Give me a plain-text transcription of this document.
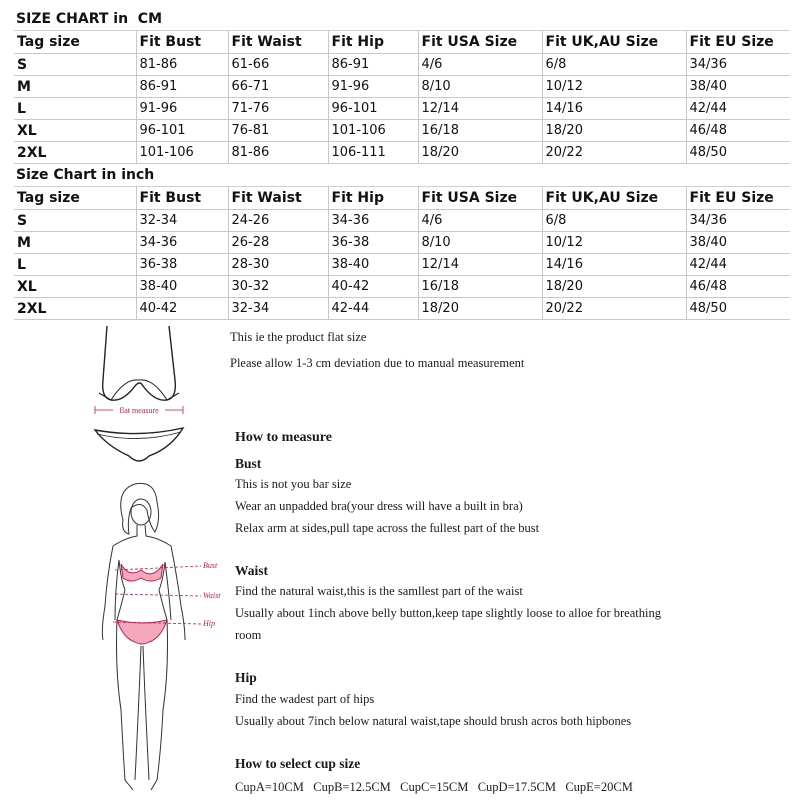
SIZE CHART in  CM
Tag size	Fit Bust	Fit Waist	Fit Hip	Fit USA Size	Fit UK,AU Size	Fit EU Size
S	81-86	61-66	86-91	4/6	6/8	34/36
M	86-91	66-71	91-96	8/10	10/12	38/40
L	91-96	71-76	96-101	12/14	14/16	42/44
XL	96-101	76-81	101-106	16/18	18/20	46/48
2XL	101-106	81-86	106-111	18/20	20/22	48/50
Size Chart in inch
Tag size	Fit Bust	Fit Waist	Fit Hip	Fit USA Size	Fit UK,AU Size	Fit EU Size
S	32-34	24-26	34-36	4/6	6/8	34/36
M	34-36	26-28	36-38	8/10	10/12	38/40
L	36-38	28-30	38-40	12/14	14/16	42/44
XL	38-40	30-32	40-42	16/18	18/20	46/48
2XL	40-42	32-34	42-44	18/20	20/22	48/50
flat measure
Bust
Waist
Hip

This ie the product flat size

Please allow 1-3 cm deviation due to manual measurement

How to measure
Bust

This is not you bar size

Wear an unpadded bra(your dress will have a built in bra)

Relax arm at sides,pull tape across the fullest part of the bust

Waist

Find the natural waist,this is the samllest part of the waist

Usually about 1inch above belly button,keep tape slightly loose to alloe for breathing

room

Hip

Find the wadest part of hips

Usually about 7inch below natural waist,tape should brush acros both hipbones

How to select cup size

CupA=10CM   CupB=12.5CM   CupC=15CM   CupD=17.5CM   CupE=20CM
